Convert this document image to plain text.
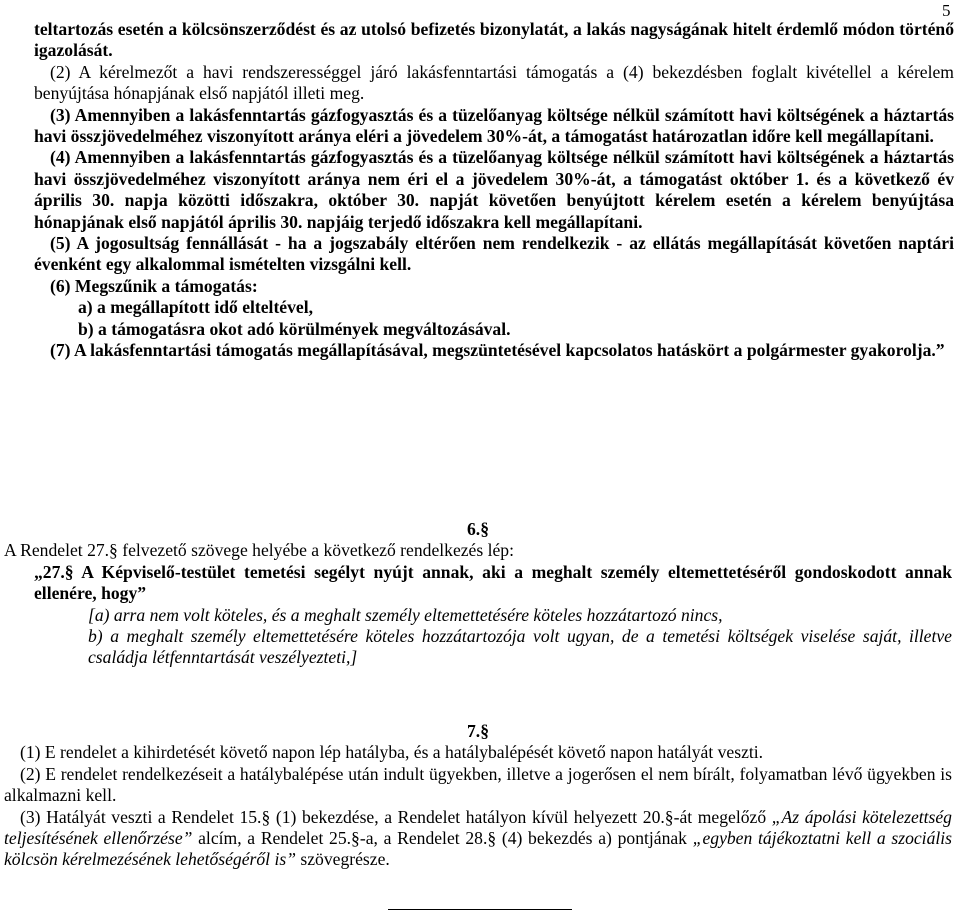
5

teltartozás esetén a kölcsönszerződést és az utolsó befizetés bizonylatát, a lakás nagyságának hitelt érdemlő módon történő igazolását.

(2) A kérelmezőt a havi rendszerességgel járó lakásfenntartási támogatás a (4) bekezdésben foglalt kivétellel a kérelem benyújtása hónapjának első napjától illeti meg.

(3) Amennyiben a lakásfenntartás gázfogyasztás és a tüzelőanyag költsége nélkül számított havi költségének a háztartás havi összjövedelméhez viszonyított aránya eléri a jövedelem 30%-át, a támogatást határozatlan időre kell megállapítani.

(4) Amennyiben a lakásfenntartás gázfogyasztás és a tüzelőanyag költsége nélkül számított havi költségének a háztartás havi összjövedelméhez viszonyított aránya nem éri el a jövedelem 30%-át, a támogatást október 1. és a következő év április 30. napja közötti időszakra, október 30. napját követően benyújtott kérelem esetén a kérelem benyújtása hónapjának első napjától április 30. napjáig terjedő időszakra kell megállapítani.

(5) A jogosultság fennállását - ha a jogszabály eltérően nem rendelkezik - az ellátás megállapítását követően naptári évenként egy alkalommal ismételten vizsgálni kell.

(6) Megszűnik a támogatás:

a) a megállapított idő elteltével,

b) a támogatásra okot adó körülmények megváltozásával.

(7) A lakásfenntartási támogatás megállapításával, megszüntetésével kapcsolatos hatáskört a polgármester gyakorolja.”

6.§

A Rendelet 27.§ felvezető szövege helyébe a következő rendelkezés lép:

„27.§ A Képviselő-testület temetési segélyt nyújt annak, aki a meghalt személy eltemettetéséről gondoskodott annak ellenére, hogy”

[a) arra nem volt köteles, és a meghalt személy eltemettetésére köteles hozzátartozó nincs,

b) a meghalt személy eltemettetésére köteles hozzátartozója volt ugyan, de a temetési költségek viselése saját, illetve családja létfenntartását veszélyezteti,]

7.§

(1) E rendelet a kihirdetését követő napon lép hatályba, és a hatálybalépését követő napon hatályát veszti.

(2) E rendelet rendelkezéseit a hatálybalépése után indult ügyekben, illetve a jogerősen el nem bírált, folyamatban lévő ügyekben is alkalmazni kell.

(3) Hatályát veszti a Rendelet 15.§ (1) bekezdése, a Rendelet hatályon kívül helyezett 20.§-át megelőző „Az ápolási kötelezettség teljesítésének ellenőrzése” alcím, a Rendelet 25.§-a, a Rendelet 28.§ (4) bekezdés a) pontjának „egyben tájékoztatni kell a szociális kölcsön kérelmezésének lehetőségéről is” szövegrésze.
